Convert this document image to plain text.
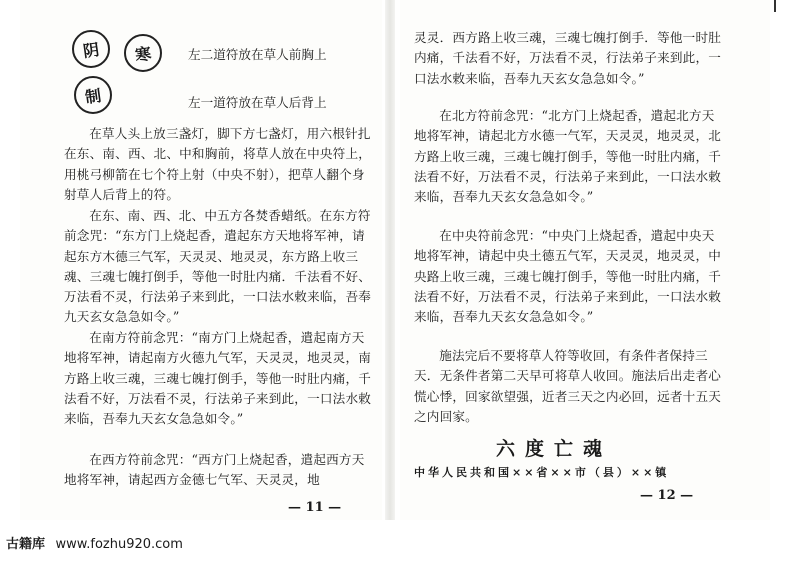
阴 寒
制
左二道符放在草人前胸上
左一道符放在草人后背上
在草人头上放三盏灯，脚下方七盏灯，用六根针扎在东、南、西、北、中和胸前，将草人放在中央符上，用桃弓柳箭在七个符上射（中央不射），把草人翻个身射草人后背上的符。
在东、南、西、北、中五方各焚香蜡纸。在东方符前念咒：“东方门上烧起香，遣起东方天地将军神，请起东方木德三气军，天灵灵、地灵灵，东方路上收三魂、三魂七魄打倒手，等他一时肚内痛．千法看不好、万法看不灵，行法弟子来到此，一口法水敕来临，吾奉九天玄女急急如令。”
在南方符前念咒：“南方门上烧起香，遣起南方天地将军神，请起南方火德九气军，天灵灵，地灵灵，南方路上收三魂，三魂七魄打倒手，等他一时肚内痛，千法看不好，万法看不灵，行法弟子来到此，一口法水敕来临，吾奉九天玄女急急如令。”
在西方符前念咒：“西方门上烧起香，遣起西方天地将军神，请起西方金德七气军、天灵灵，地
— 11 —
灵灵．西方路上收三魂，三魂七魄打倒手．等他一时肚内痛，千法看不好，万法看不灵，行法弟子来到此，一口法水敕来临，吾奉九天玄女急急如令。”
在北方符前念咒：“北方门上烧起香，遣起北方天地将军神，请起北方水德一气军，天灵灵，地灵灵，北方路上收三魂，三魂七魄打倒手，等他一时肚内痛，千法看不好，万法看不灵，行法弟子来到此，一口法水敕来临，吾奉九天玄女急急如令。”
在中央符前念咒：“中央门上烧起香，遣起中央天地将军神，请起中央土德五气军，天灵灵，地灵灵，中央路上收三魂，三魂七魄打倒手，等他一时肚内痛，千法看不好，万法看不灵，行法弟子来到此，一口法水敕来临，吾奉九天玄女急急如令。”
施法完后不要将草人符等收回，有条件者保持三天．无条件者第二天早可将草人收回。施法后出走者心慌心悸，回家欲望强，近者三天之内必回，远者十五天之内回家。
六度亡魂
中华人民共和国××省××市（县）××镇
— 12 —
古籍库 www.fozhu920.com
